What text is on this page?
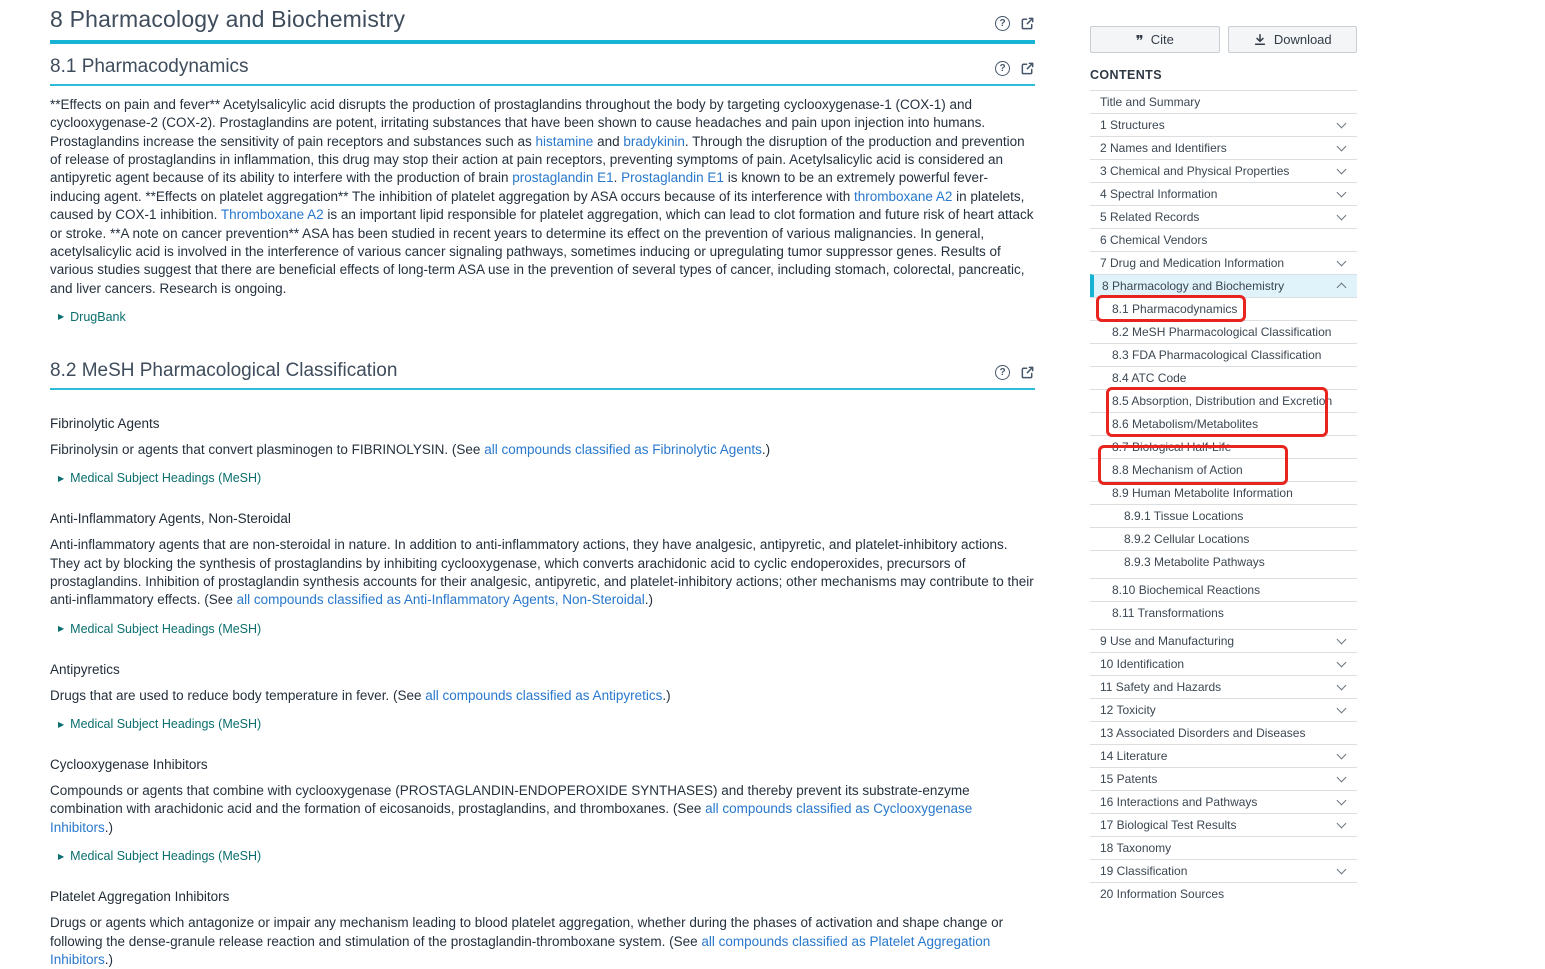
8 Pharmacology and Biochemistry	?
8.1 Pharmacodynamics	?

**Effects on pain and fever** Acetylsalicylic acid disrupts the production of prostaglandins throughout the body by targeting cyclooxygenase-1 (COX-1) and cyclooxygenase-2 (COX-2). Prostaglandins are potent, irritating substances that have been shown to cause headaches and pain upon injection into humans. Prostaglandins increase the sensitivity of pain receptors and substances such as histamine and bradykinin. Through the disruption of the production and prevention of release of prostaglandins in inflammation, this drug may stop their action at pain receptors, preventing symptoms of pain. Acetylsalicylic acid is considered an antipyretic agent because of its ability to interfere with the production of brain prostaglandin E1. Prostaglandin E1 is known to be an extremely powerful fever-inducing agent. **Effects on platelet aggregation** The inhibition of platelet aggregation by ASA occurs because of its interference with thromboxane A2 in platelets, caused by COX-1 inhibition. Thromboxane A2 is an important lipid responsible for platelet aggregation, which can lead to clot formation and future risk of heart attack or stroke. **A note on cancer prevention** ASA has been studied in recent years to determine its effect on the prevention of various malignancies. In general, acetylsalicylic acid is involved in the interference of various cancer signaling pathways, sometimes inducing or upregulating tumor suppressor genes. Results of various studies suggest that there are beneficial effects of long-term ASA use in the prevention of several types of cancer, including stomach, colorectal, pancreatic, and liver cancers. Research is ongoing.

▶ DrugBank
8.2 MeSH Pharmacological Classification	?
Fibrinolytic Agents

Fibrinolysin or agents that convert plasminogen to FIBRINOLYSIN. (See all compounds classified as Fibrinolytic Agents.)

▶ Medical Subject Headings (MeSH)
Anti-Inflammatory Agents, Non-Steroidal

Anti-inflammatory agents that are non-steroidal in nature. In addition to anti-inflammatory actions, they have analgesic, antipyretic, and platelet-inhibitory actions. They act by blocking the synthesis of prostaglandins by inhibiting cyclooxygenase, which converts arachidonic acid to cyclic endoperoxides, precursors of prostaglandins. Inhibition of prostaglandin synthesis accounts for their analgesic, antipyretic, and platelet-inhibitory actions; other mechanisms may contribute to their anti-inflammatory effects. (See all compounds classified as Anti-Inflammatory Agents, Non-Steroidal.)

▶ Medical Subject Headings (MeSH)
Antipyretics

Drugs that are used to reduce body temperature in fever. (See all compounds classified as Antipyretics.)

▶ Medical Subject Headings (MeSH)
Cyclooxygenase Inhibitors

Compounds or agents that combine with cyclooxygenase (PROSTAGLANDIN-ENDOPEROXIDE SYNTHASES) and thereby prevent its substrate-enzyme combination with arachidonic acid and the formation of eicosanoids, prostaglandins, and thromboxanes. (See all compounds classified as Cyclooxygenase Inhibitors.)

▶ Medical Subject Headings (MeSH)
Platelet Aggregation Inhibitors

Drugs or agents which antagonize or impair any mechanism leading to blood platelet aggregation, whether during the phases of activation and shape change or following the dense-granule release reaction and stimulation of the prostaglandin-thromboxane system. (See all compounds classified as Platelet Aggregation Inhibitors.)

❞ Cite	Download
CONTENTS
Title and Summary
1 Structures
2 Names and Identifiers
3 Chemical and Physical Properties
4 Spectral Information
5 Related Records
6 Chemical Vendors
7 Drug and Medication Information
8 Pharmacology and Biochemistry
8.1 Pharmacodynamics
8.2 MeSH Pharmacological Classification
8.3 FDA Pharmacological Classification
8.4 ATC Code
8.5 Absorption, Distribution and Excretion
8.6 Metabolism/Metabolites
8.7 Biological Half-Life
8.8 Mechanism of Action
8.9 Human Metabolite Information
8.9.1 Tissue Locations
8.9.2 Cellular Locations
8.9.3 Metabolite Pathways
8.10 Biochemical Reactions
8.11 Transformations
9 Use and Manufacturing
10 Identification
11 Safety and Hazards
12 Toxicity
13 Associated Disorders and Diseases
14 Literature
15 Patents
16 Interactions and Pathways
17 Biological Test Results
18 Taxonomy
19 Classification
20 Information Sources
